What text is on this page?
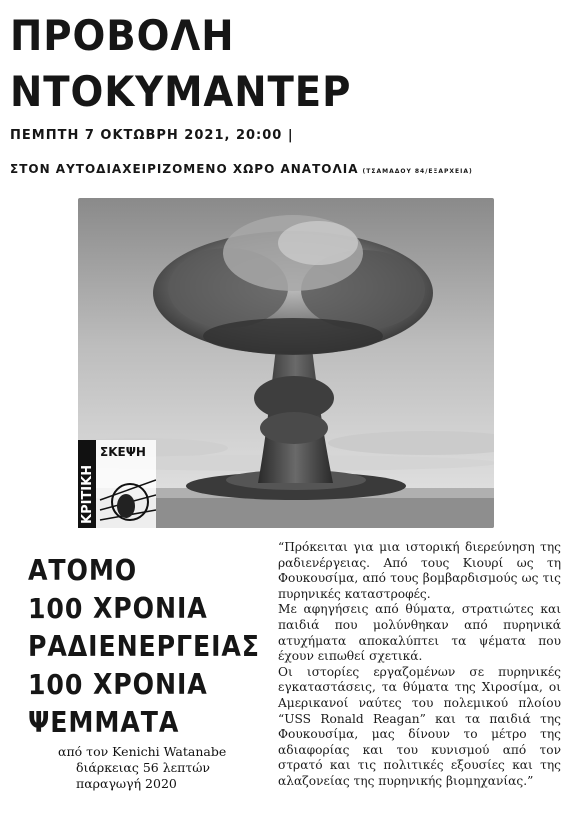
ΠΡΟΒΟΛΗ
ΝΤΟΚΥΜΑΝΤΕΡ
ΠΕΜΠΤΗ 7 ΟΚΤΩΒΡΗ 2021, 20:00 |
ΣΤΟΝ ΑΥΤΟΔΙΑΧΕΙΡΙΖΟΜΕΝΟ ΧΩΡΟ ΑΝΑΤΟΛΙΑ (ΤΣΑΜΑΔΟΥ 84/ΕΞΑΡΧΕΙΑ)
ΚΡΙΤΙΚΗ
ΣΚΕΨΗ
ΑΤΟΜΟ
100 ΧΡΟΝΙΑ
ΡΑΔΙΕΝΕΡΓΕΙΑΣ
100 ΧΡΟΝΙΑ
ΨΕΜΜΑΤΑ
από τον Kenichi Watanabe
διάρκειας 56 λεπτών
παραγωγή 2020

“Πρόκειται για μια ιστορική διερεύνηση της ραδιενέργειας. Από τους Κιουρί ως τη Φουκουσίμα, από τους βομβαρδισμούς ως τις πυρηνικές καταστροφές.

Με αφηγήσεις από θύματα, στρατιώτες και παιδιά που μολύνθηκαν από πυρηνικά ατυχήματα αποκαλύπτει τα ψέματα που έχουν ειπωθεί σχετικά.

Οι ιστορίες εργαζομένων σε πυρηνικές εγκαταστάσεις, τα θύματα της Χιροσίμα, οι Αμερικανοί ναύτες του πολεμικού πλοίου “USS Ronald Reagan” και τα παιδιά της Φουκουσίμα, μας δίνουν το μέτρο της αδιαφορίας και του κυνισμού από τον στρατό και τις πολιτικές εξουσίες και της αλαζονείας της πυρηνικής βιομηχανίας.”
